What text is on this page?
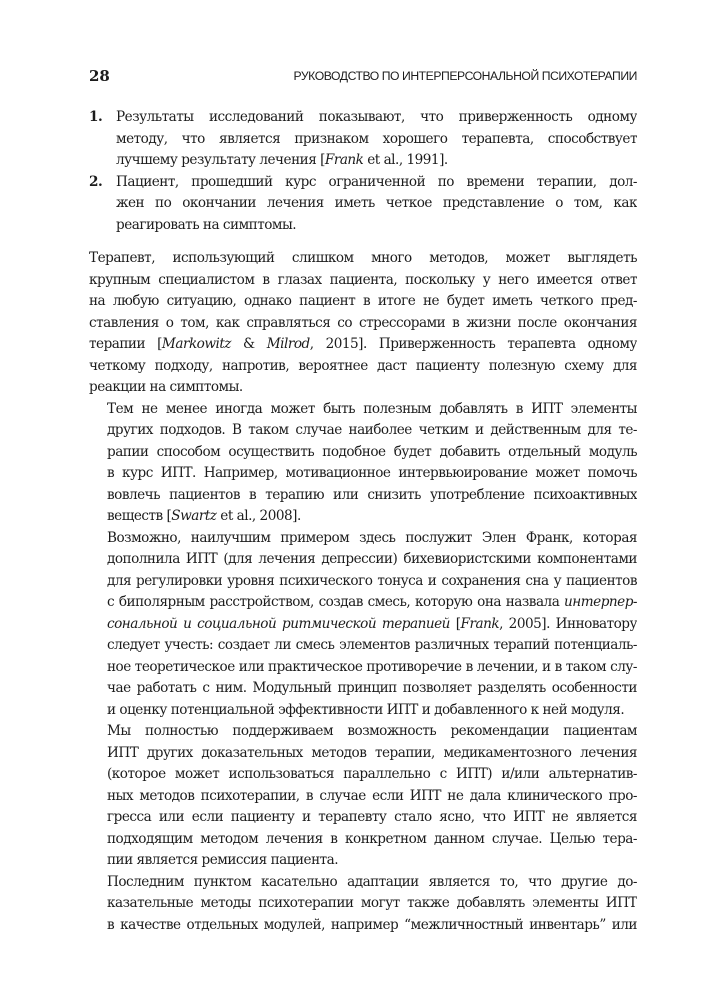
28	РУКОВОДСТВО ПО ИНТЕРПЕРСОНАЛЬНОЙ ПСИХОТЕРАПИИ
1. Результаты исследований показывают, что приверженность одному
методу, что является признаком хорошего терапевта, способствует
лучшему результату лечения [Frank et al., 1991].
2. Пациент, прошедший курс ограниченной по времени терапии, дол-
жен по окончании лечения иметь четкое представление о том, как
реагировать на симптомы.

Терапевт, использующий слишком много методов, может выглядеть
крупным специалистом в глазах пациента, поскольку у него имеется ответ
на любую ситуацию, однако пациент в итоге не будет иметь четкого пред-
ставления о том, как справляться со стрессорами в жизни после окончания
терапии [Markowitz & Milrod, 2015]. Приверженность терапевта одному
четкому подходу, напротив, вероятнее даст пациенту полезную схему для
реакции на симптомы.

Тем не менее иногда может быть полезным добавлять в ИПТ элементы
других подходов. В таком случае наиболее четким и действенным для те-
рапии способом осуществить подобное будет добавить отдельный модуль
в курс ИПТ. Например, мотивационное интервьюирование может помочь
вовлечь пациентов в терапию или снизить употребление психоактивных
веществ [Swartz et al., 2008].

Возможно, наилучшим примером здесь послужит Элен Франк, которая
дополнила ИПТ (для лечения депрессии) бихевиористскими компонентами
для регулировки уровня психического тонуса и сохранения сна у пациентов
с биполярным расстройством, создав смесь, которую она назвала интерпер-
сональной и социальной ритмической терапией [Frank, 2005]. Инноватору
следует учесть: создает ли смесь элементов различных терапий потенциаль-
ное теоретическое или практическое противоречие в лечении, и в таком слу-
чае работать с ним. Модульный принцип позволяет разделять особенности
и оценку потенциальной эффективности ИПТ и добавленного к ней модуля.

Мы полностью поддерживаем возможность рекомендации пациентам
ИПТ других доказательных методов терапии, медикаментозного лечения
(которое может использоваться параллельно с ИПТ) и/или альтернатив-
ных методов психотерапии, в случае если ИПТ не дала клинического про-
гресса или если пациенту и терапевту стало ясно, что ИПТ не является
подходящим методом лечения в конкретном данном случае. Целью тера-
пии является ремиссия пациента.

Последним пунктом касательно адаптации является то, что другие до-
казательные методы психотерапии могут также добавлять элементы ИПТ
в качестве отдельных модулей, например “межличностный инвентарь” или
